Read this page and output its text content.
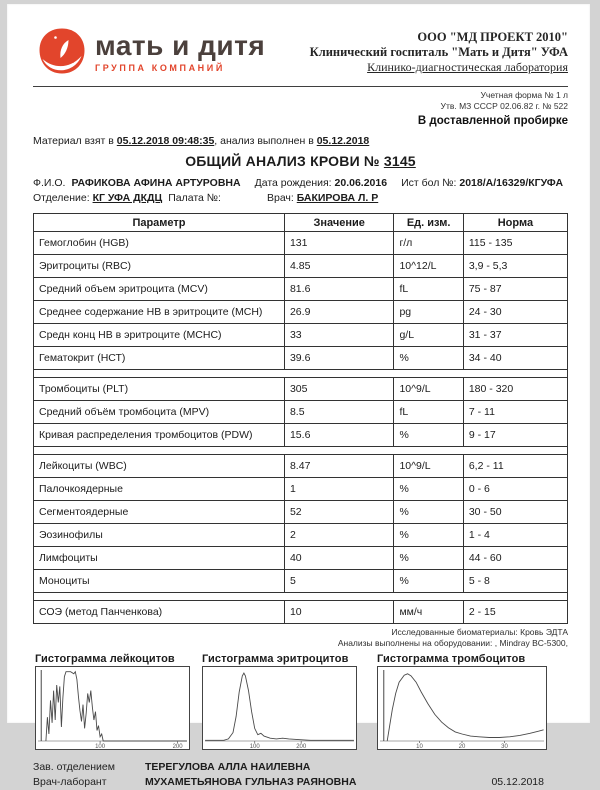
мать и дитя
ГРУППА КОМПАНИЙ
ООО "МД ПРОЕКТ 2010"
Клинический госпиталь "Мать и Дитя" УФА
Клинико-диагностическая лаборатория
Учетная форма № 1 л
Утв. МЗ СССР 02.06.82 г. № 522
В доставленной пробирке
Материал взят в 05.12.2018 09:48:35, анализ выполнен в 05.12.2018
ОБЩИЙ АНАЛИЗ КРОВИ № 3145
Ф.И.О. РАФИКОВА АФИНА АРТУРОВНА Дата рождения: 20.06.2016 Ист бол №: 2018/А/16329/КГУФА
Отделение: КГ УФА ДКДЦ Палата №:	Врач: БАКИРОВА Л. Р
Параметр	Значение	Ед. изм.	Норма
Гемоглобин (HGB)	131	г/л	115 - 135
Эритроциты (RBC)	4.85	10^12/L	3,9 - 5,3
Средний объем эритроцита (MCV)	81.6	fL	75 - 87
Среднее содержание НВ в эритроците (МСН)	26.9	pg	24 - 30
Средн конц НВ в эритроците (МСНС)	33	g/L	31 - 37
Гематокрит (НСТ)	39.6	%	34 - 40

Тромбоциты (PLT)	305	10^9/L	180 - 320
Средний объём тромбоцита (MPV)	8.5	fL	7 - 11
Кривая распределения тромбоцитов (PDW)	15.6	%	9 - 17

Лейкоциты (WBC)	8.47	10^9/L	6,2 - 11
Палочкоядерные	1	%	0 - 6
Сегментоядерные	52	%	30 - 50
Эозинофилы	2	%	1 - 4
Лимфоциты	40	%	44 - 60
Моноциты	5	%	5 - 8

СОЭ (метод Панченкова)	10	мм/ч	2 - 15
Исследованные биоматериалы: Кровь ЭДТА
Анализы выполнены на оборудовании: , Mindray BC-5300,
Гистограмма лейкоцитов
100	200
Гистограмма эритроцитов
100	200
Гистограмма тромбоцитов
10	20	30
Зав. отделением	ТЕРЕГУЛОВА АЛЛА НАИЛЕВНА
Врач-лаборант	МУХАМЕТЬЯНОВА ГУЛЬНАЗ РАЯНОВНА	05.12.2018
